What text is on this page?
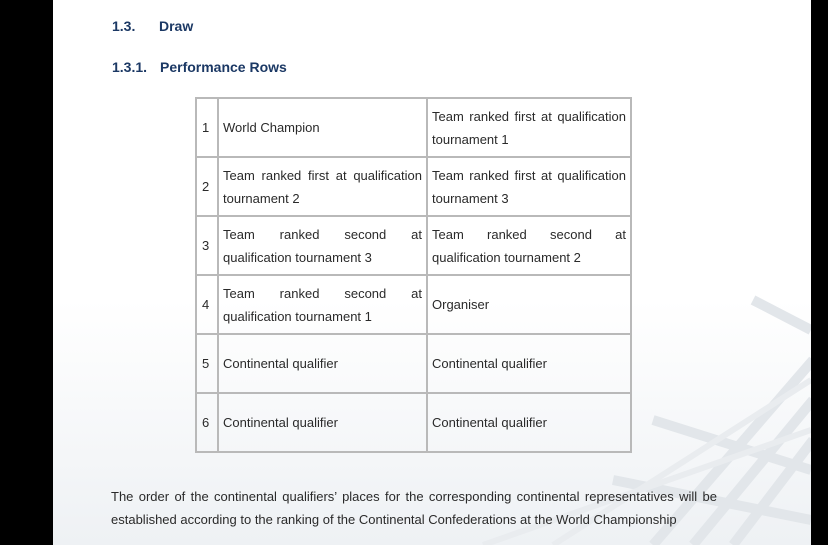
1.3. Draw
1.3.1. Performance Rows
1	World Champion	Team ranked first at qualification tournament 1
2	Team ranked first at qualification tournament 2	Team ranked first at qualification tournament 3
3	Team ranked second at qualification tournament 3	Team ranked second at qualification tournament 2
4	Team ranked second at qualification tournament 1	Organiser
5	Continental qualifier	Continental qualifier
6	Continental qualifier	Continental qualifier

The order of the continental qualifiers’ places for the corresponding continental representatives will be established according to the ranking of the Continental Confederations at the World Championship
